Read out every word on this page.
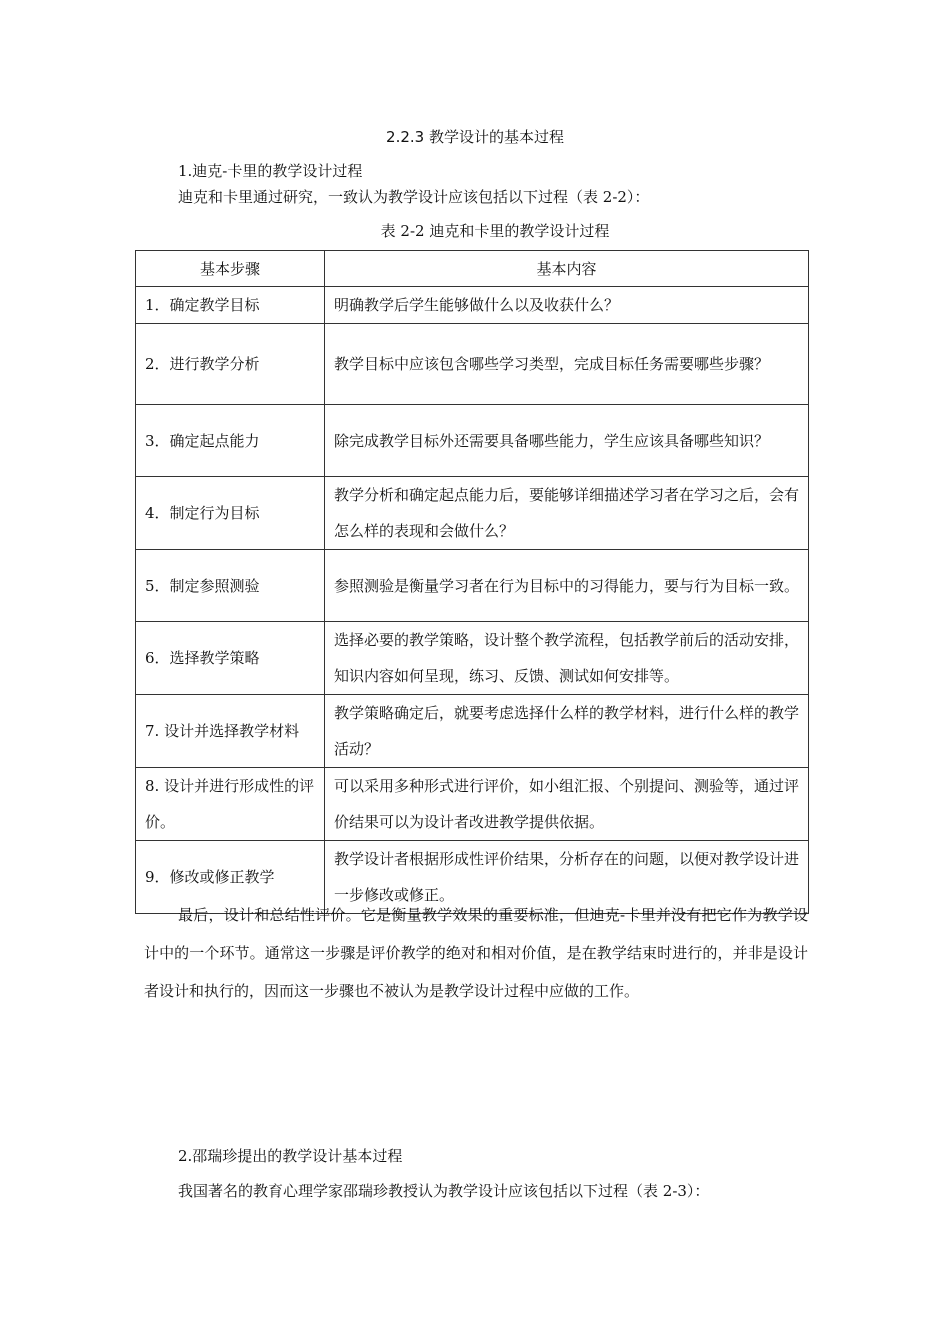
2.2.3 教学设计的基本过程
1.迪克-卡里的教学设计过程
迪克和卡里通过研究，一致认为教学设计应该包括以下过程（表 2-2）：
表 2-2 迪克和卡里的教学设计过程
基本步骤	基本内容
1．确定教学目标	明确教学后学生能够做什么以及收获什么？
2．进行教学分析	教学目标中应该包含哪些学习类型，完成目标任务需要哪些步骤？
3．确定起点能力	除完成教学目标外还需要具备哪些能力，学生应该具备哪些知识？
4．制定行为目标	教学分析和确定起点能力后，要能够详细描述学习者在学习之后，会有怎么样的表现和会做什么？
5．制定参照测验	参照测验是衡量学习者在行为目标中的习得能力，要与行为目标一致。
6．选择教学策略	选择必要的教学策略，设计整个教学流程，包括教学前后的活动安排，知识内容如何呈现，练习、反馈、测试如何安排等。
7. 设计并选择教学材料	教学策略确定后，就要考虑选择什么样的教学材料，进行什么样的教学活动？
8. 设计并进行形成性的评价。	可以采用多种形式进行评价，如小组汇报、个别提问、测验等，通过评价结果可以为设计者改进教学提供依据。
9．修改或修正教学	教学设计者根据形成性评价结果，分析存在的问题，以便对教学设计进一步修改或修正。
最后，设计和总结性评价。它是衡量教学效果的重要标准，但迪克-卡里并没有把它作为教学设计中的一个环节。通常这一步骤是评价教学的绝对和相对价值，是在教学结束时进行的，并非是设计者设计和执行的，因而这一步骤也不被认为是教学设计过程中应做的工作。
2.邵瑞珍提出的教学设计基本过程
我国著名的教育心理学家邵瑞珍教授认为教学设计应该包括以下过程（表 2-3）：
